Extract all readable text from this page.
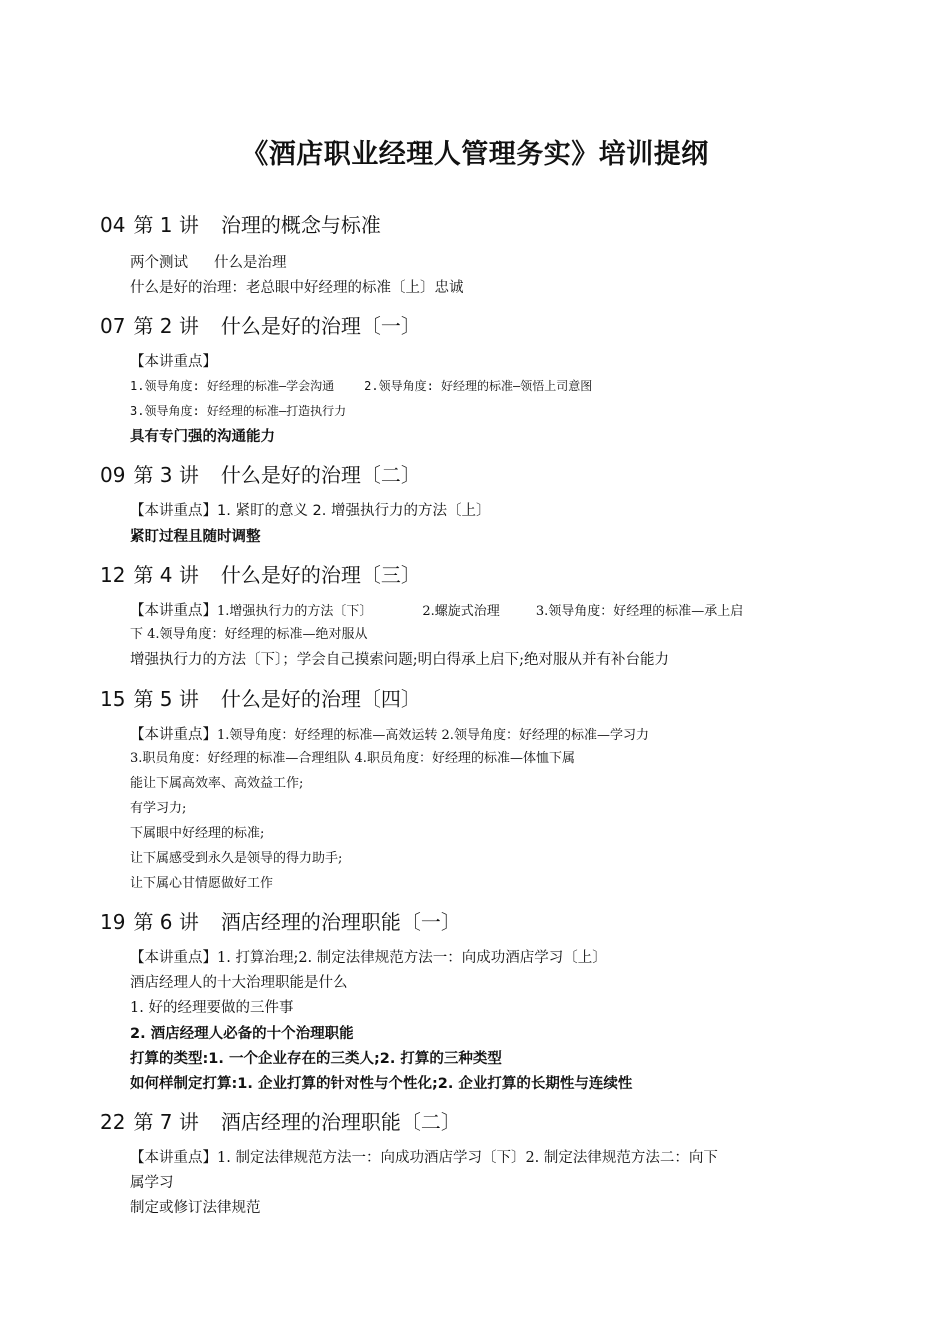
《酒店职业经理人管理务实》培训提纲
04 第 1 讲 治理的概念与标准
两个测试 什么是治理
什么是好的治理：老总眼中好经理的标准〔上〕忠诚
07 第 2 讲 什么是好的治理〔一〕
【本讲重点】
1.领导角度: 好经理的标准—学会沟通	2.领导角度: 好经理的标准—领悟上司意图
3.领导角度: 好经理的标准—打造执行力
具有专门强的沟通能力
09 第 3 讲 什么是好的治理〔二〕
【本讲重点】1. 紧盯的意义 2. 增强执行力的方法〔上〕
紧盯过程且随时调整
12 第 4 讲 什么是好的治理〔三〕
【本讲重点】1.增强执行力的方法〔下〕	2.螺旋式治理	3.领导角度：好经理的标准—承上启
下 4.领导角度：好经理的标准—绝对服从
增强执行力的方法〔下〕；学会自己摸索问题;明白得承上启下;绝对服从并有补台能力
15 第 5 讲 什么是好的治理〔四〕
【本讲重点】1.领导角度：好经理的标准—高效运转 2.领导角度：好经理的标准—学习力
3.职员角度：好经理的标准—合理组队 4.职员角度：好经理的标准—体恤下属
能让下属高效率、高效益工作;
有学习力;
下属眼中好经理的标准;
让下属感受到永久是领导的得力助手;
让下属心甘情愿做好工作
19 第 6 讲 酒店经理的治理职能〔一〕
【本讲重点】1. 打算治理;2. 制定法律规范方法一：向成功酒店学习〔上〕
酒店经理人的十大治理职能是什么
1. 好的经理要做的三件事
2. 酒店经理人必备的十个治理职能
打算的类型:1. 一个企业存在的三类人;2. 打算的三种类型
如何样制定打算:1. 企业打算的针对性与个性化;2. 企业打算的长期性与连续性
22 第 7 讲 酒店经理的治理职能〔二〕
【本讲重点】1. 制定法律规范方法一：向成功酒店学习〔下〕2. 制定法律规范方法二：向下
属学习
制定或修订法律规范
